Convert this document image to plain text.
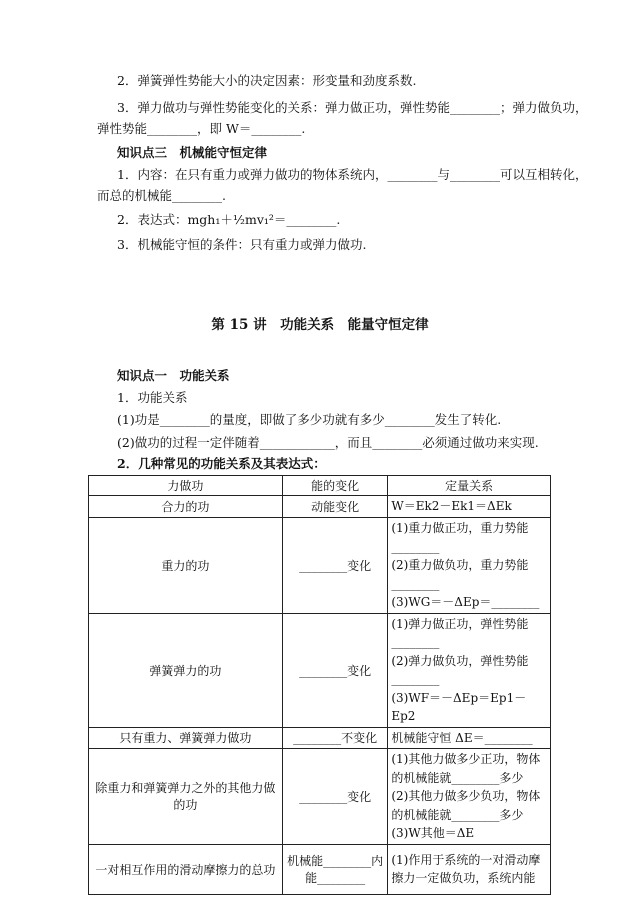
2．弹簧弹性势能大小的决定因素：形变量和劲度系数.
3．弹力做功与弹性势能变化的关系：弹力做正功，弹性势能________；弹力做负功，
弹性势能________，即 W＝________.
知识点三　机械能守恒定律
1．内容：在只有重力或弹力做功的物体系统内，________与________可以互相转化，
而总的机械能________.
2．表达式：mgh₁＋½mv₁²＝________.
3．机械能守恒的条件：只有重力或弹力做功.
第 15 讲　功能关系　能量守恒定律
知识点一　功能关系
1．功能关系
(1)功是________的量度，即做了多少功就有多少________发生了转化.
(2)做功的过程一定伴随着____________，而且________必须通过做功来实现.
2．几种常见的功能关系及其表达式：
力做功	能的变化	定量关系
合力的功	动能变化	W＝Ek2－Ek1＝ΔEk

重力的功	________变化	(1)重力做正功，重力势能
________
(2)重力做负功，重力势能
________
(3)WG＝－ΔEp＝________

弹簧弹力的功	________变化	(1)弹力做正功，弹性势能
________
(2)弹力做负功，弹性势能
________
(3)WF＝－ΔEp＝Ep1－Ep2

只有重力、弹簧弹力做功	________不变化	机械能守恒 ΔE＝________

除重力和弹簧弹力之外的其他力做的功	________变化	(1)其他力做多少正功，物体
的机械能就________多少
(2)其他力做多少负功，物体
的机械能就________多少
(3)W其他＝ΔE

一对相互作用的滑动摩擦力的总功	机械能________内能________	(1)作用于系统的一对滑动摩
擦力一定做负功，系统内能
